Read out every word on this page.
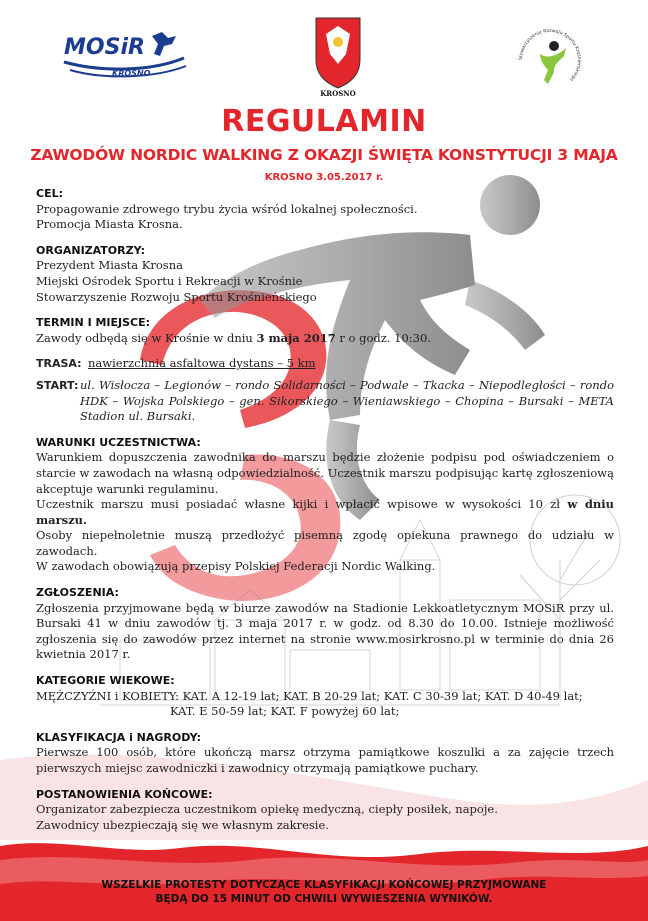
MOSiR
KROSNO
KROSNO
Stowarzyszenie Rozwoju Sportu Krośnieńskiego
REGULAMIN
ZAWODÓW NORDIC WALKING Z OKAZJI ŚWIĘTA KONSTYTUCJI 3 MAJA
KROSNO 3.05.2017 r.
CEL:

Propagowanie zdrowego trybu życia wśród lokalnej społeczności.

Promocja Miasta Krosna.

ORGANIZATORZY:

Prezydent Miasta Krosna

Miejski Ośrodek Sportu i Rekreacji w Krośnie

Stowarzyszenie Rozwoju Sportu Krośnieńskiego

TERMIN I MIEJSCE:

Zawody odbędą się w Krośnie w dniu 3 maja 2017 r o godz. 10:30.

TRASA: nawierzchnia asfaltowa dystans – 5 km
START: ul. Wisłocza – Legionów – rondo Solidarności – Podwale – Tkacka – Niepodległości – rondo HDK – Wojska Polskiego – gen. Sikorskiego – Wieniawskiego – Chopina – Bursaki – META Stadion ul. Bursaki.
WARUNKI UCZESTNICTWA:

Warunkiem dopuszczenia zawodnika do marszu będzie złożenie podpisu pod oświadczeniem o starcie w zawodach na własną odpowiedzialność. Uczestnik marszu podpisując kartę zgłoszeniową akceptuje warunki regulaminu.

Uczestnik marszu musi posiadać własne kijki i wpłacić wpisowe w wysokości 10 zł w dniu marszu.

Osoby niepełnoletnie muszą przedłożyć pisemną zgodę opiekuna prawnego do udziału w zawodach.

W zawodach obowiązują przepisy Polskiej Federacji Nordic Walking.

ZGŁOSZENIA:

Zgłoszenia przyjmowane będą w biurze zawodów na Stadionie Lekkoatletycznym MOSiR przy ul. Bursaki 41 w dniu zawodów tj. 3 maja 2017 r. w godz. od 8.30 do 10.00. Istnieje możliwość zgłoszenia się do zawodów przez internet na stronie www.mosirkrosno.pl w terminie do dnia 26 kwietnia 2017 r.

KATEGORIE WIEKOWE:

MĘŻCZYŹNI i KOBIETY: KAT. A 12-19 lat; KAT. B 20-29 lat; KAT. C 30-39 lat; KAT. D 40-49 lat;

KAT. E 50-59 lat; KAT. F powyżej 60 lat;

KLASYFIKACJA i NAGRODY:

Pierwsze 100 osób, które ukończą marsz otrzyma pamiątkowe koszulki a za zajęcie trzech pierwszych miejsc zawodniczki i zawodnicy otrzymają pamiątkowe puchary.

POSTANOWIENIA KOŃCOWE:

Organizator zabezpiecza uczestnikom opiekę medyczną, ciepły posiłek, napoje.

Zawodnicy ubezpieczają się we własnym zakresie.

WSZELKIE PROTESTY DOTYCZĄCE KLASYFIKACJI KOŃCOWEJ PRZYJMOWANE
BĘDĄ DO 15 MINUT OD CHWILI WYWIESZENIA WYNIKÓW.
